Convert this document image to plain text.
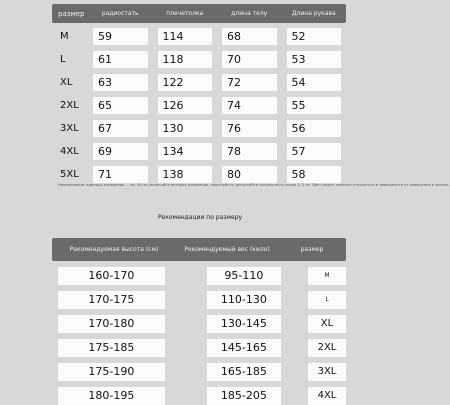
размер	радиостать	плечетолка	длина телу	Длина рукава
M	59	114	68	52
L	61	118	70	53
XL	63	122	72	54
2XL	65	126	74	55
3XL	67	130	76	56
4XL	69	134	78	57
5XL	71	138	80	58
Напоминание: единица измерения — см. Из-за различий в методах измерения, пожалуйста, допускайте погрешность около 2–3 см. Цвет может немного отличаться в зависимости от освещения и экрана.
Рекомендации по размеру
Рекомендуемая высота (см)	Рекомендуемый вес (кило)	размер
160-170	95-110	M
170-175	110-130	L
170-180	130-145	XL
175-185	145-165	2XL
175-190	165-185	3XL
180-195	185-205	4XL
